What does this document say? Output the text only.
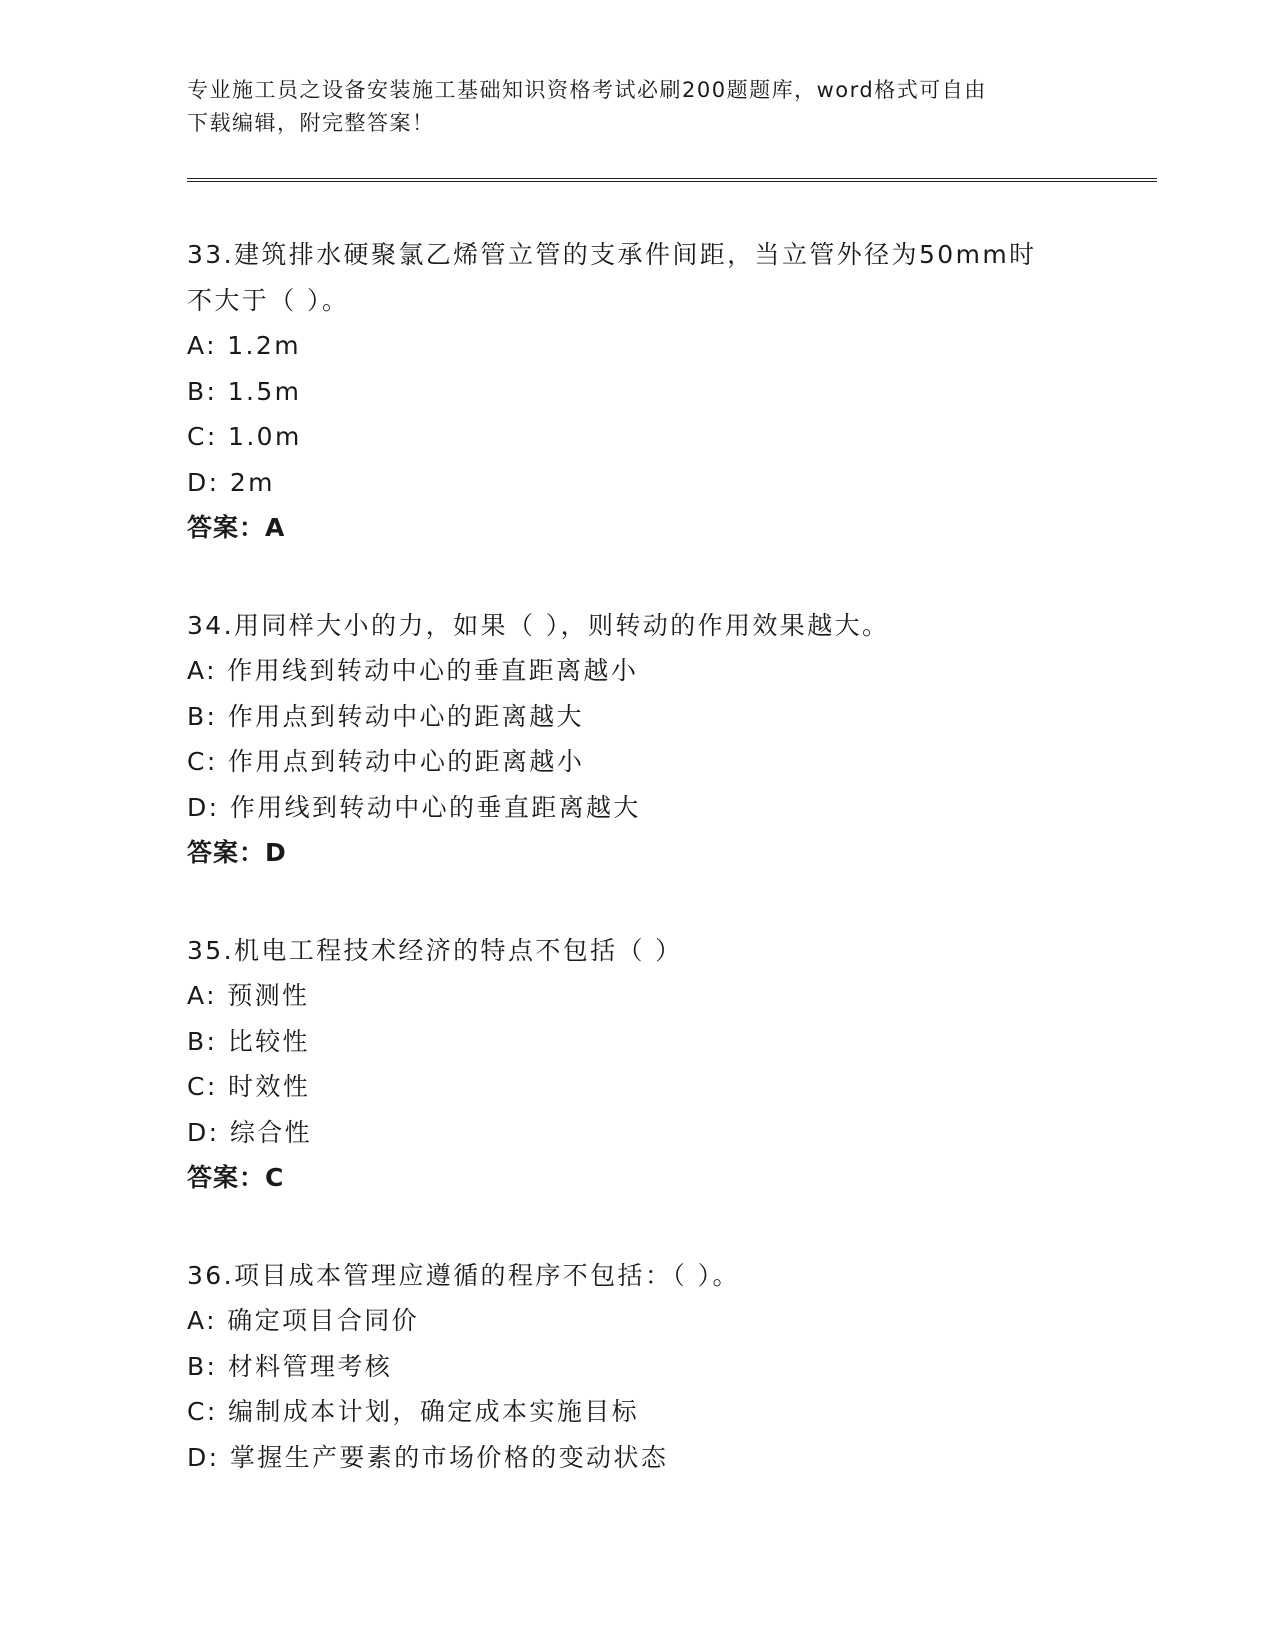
专业施工员之设备安装施工基础知识资格考试必刷200题题库，word格式可自由
下载编辑，附完整答案！
33.建筑排水硬聚氯乙烯管立管的支承件间距，当立管外径为50mm时
不大于（ ）。
A: 1.2m
B: 1.5m
C: 1.0m
D: 2m
答案：A
34.用同样大小的力，如果（ ），则转动的作用效果越大。
A: 作用线到转动中心的垂直距离越小
B: 作用点到转动中心的距离越大
C: 作用点到转动中心的距离越小
D: 作用线到转动中心的垂直距离越大
答案：D
35.机电工程技术经济的特点不包括（ ）
A: 预测性
B: 比较性
C: 时效性
D: 综合性
答案：C
36.项目成本管理应遵循的程序不包括：（ ）。
A: 确定项目合同价
B: 材料管理考核
C: 编制成本计划，确定成本实施目标
D: 掌握生产要素的市场价格的变动状态
